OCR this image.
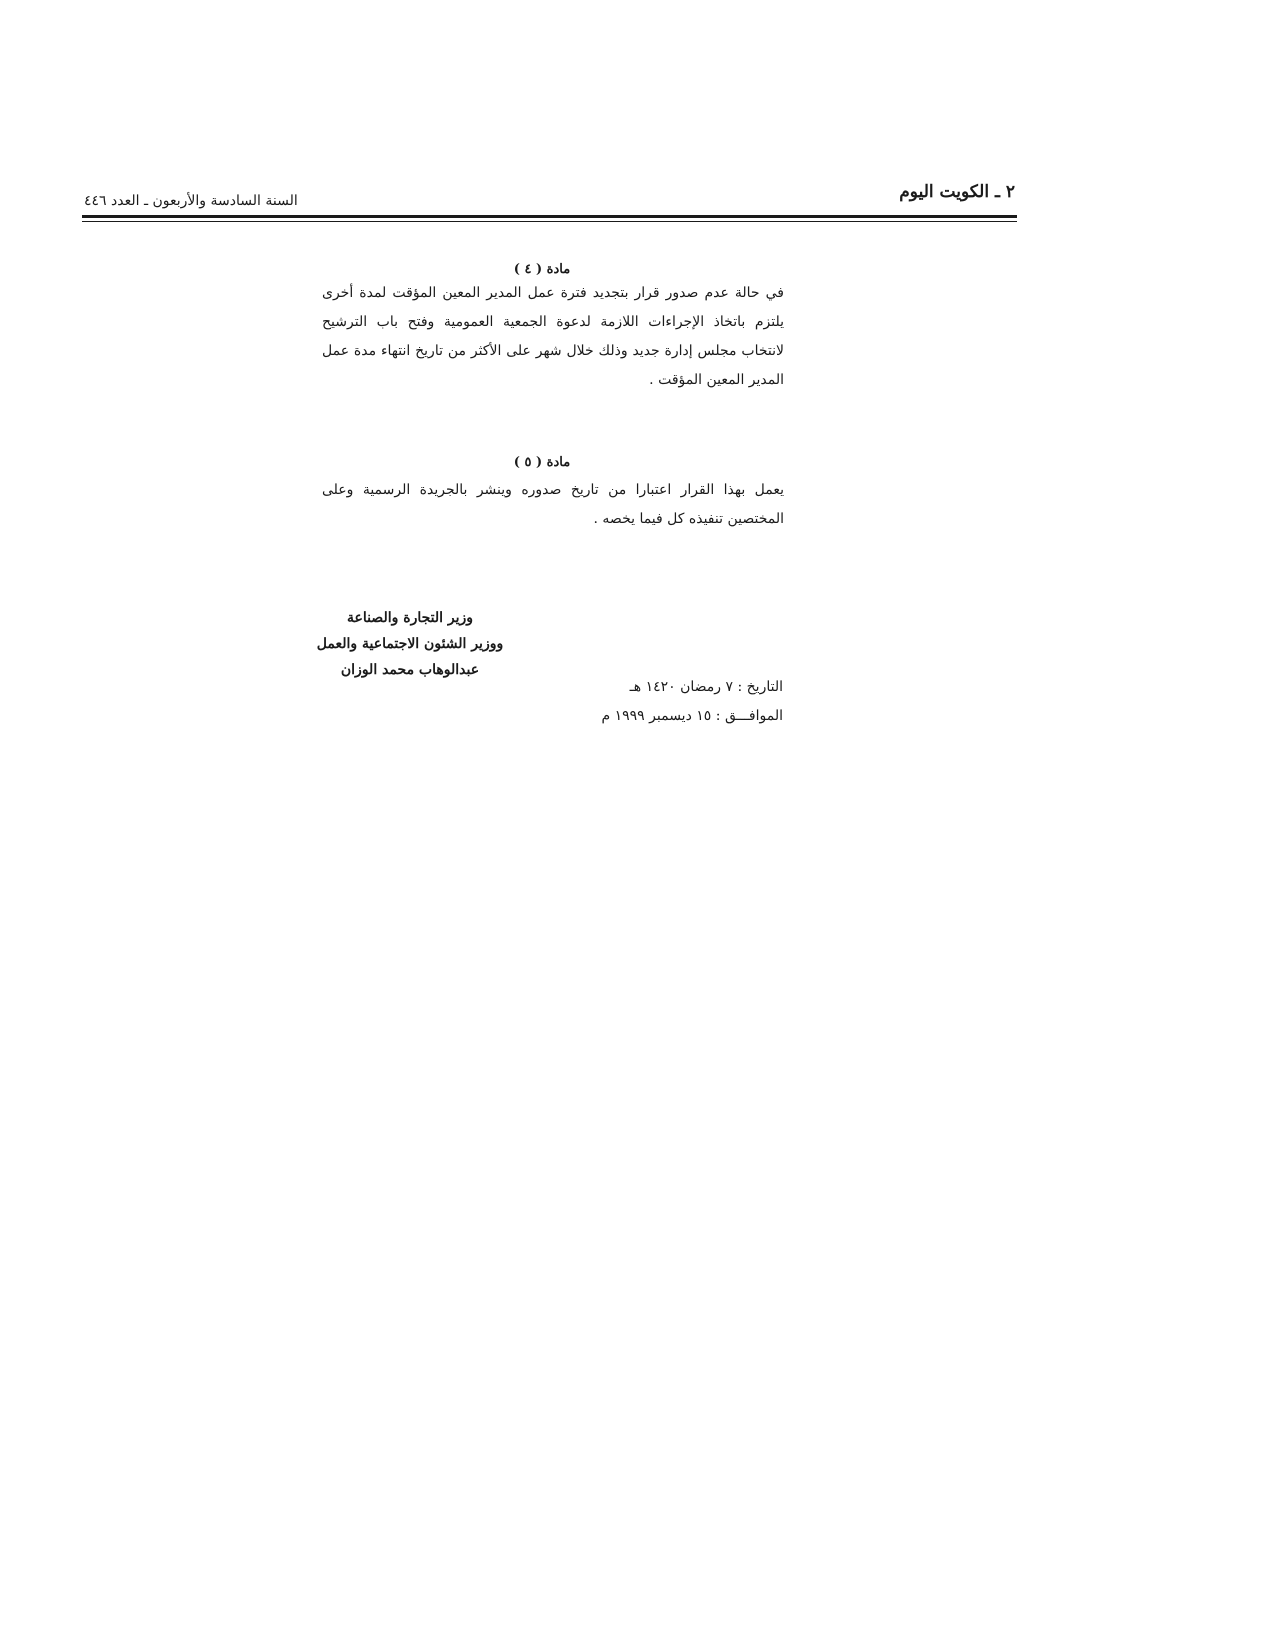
٢ ـ الكويت اليوم
السنة السادسة والأربعون ـ العدد ٤٤٦
مادة ( ٤ )
في حالة عدم صدور قرار بتجديد فترة عمل المدير المعين المؤقت لمدة أخرى يلتزم باتخاذ الإجراءات اللازمة لدعوة الجمعية العمومية وفتح باب الترشيح لانتخاب مجلس إدارة جديد وذلك خلال شهر على الأكثر من تاريخ انتهاء مدة عمل المدير المعين المؤقت .
مادة ( ٥ )
يعمل بهذا القرار اعتبارا من تاريخ صدوره وينشر بالجريدة الرسمية وعلى المختصين تنفيذه كل فيما يخصه .
وزير التجارة والصناعة
ووزير الشئون الاجتماعية والعمل
عبدالوهاب محمد الوزان
التاريخ : ٧ رمضان ١٤٢٠ هـ
الموافـــق : ١٥ ديسمبر ١٩٩٩ م
